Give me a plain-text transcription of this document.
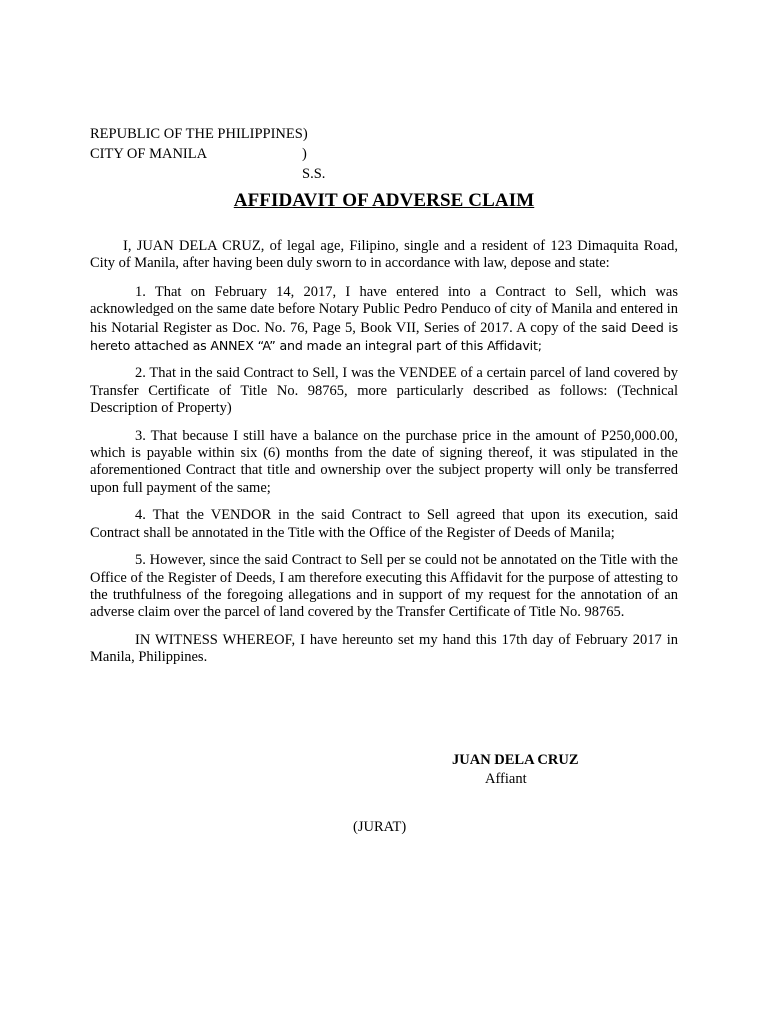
REPUBLIC OF THE PHILIPPINES)
CITY OF MANILA	) S.S.
AFFIDAVIT OF ADVERSE CLAIM

I, JUAN DELA CRUZ, of legal age, Filipino, single and a resident of 123 Dimaquita Road, City of Manila, after having been duly sworn to in accordance with law, depose and state:

1. That on February 14, 2017, I have entered into a Contract to Sell, which was acknowledged on the same date before Notary Public Pedro Penduco of city of Manila and entered in his Notarial Register as Doc. No. 76, Page 5, Book VII, Series of 2017. A copy of the said Deed is hereto attached as ANNEX “A” and made an integral part of this Affidavit;

2. That in the said Contract to Sell, I was the VENDEE of a certain parcel of land covered by Transfer Certificate of Title No. 98765, more particularly described as follows: (Technical Description of Property)

3. That because I still have a balance on the purchase price in the amount of P250,000.00, which is payable within six (6) months from the date of signing thereof, it was stipulated in the aforementioned Contract that title and ownership over the subject property will only be transferred upon full payment of the same;

4. That the VENDOR in the said Contract to Sell agreed that upon its execution, said Contract shall be annotated in the Title with the Office of the Register of Deeds of Manila;

5. However, since the said Contract to Sell per se could not be annotated on the Title with the Office of the Register of Deeds, I am therefore executing this Affidavit for the purpose of attesting to the truthfulness of the foregoing allegations and in support of my request for the annotation of an adverse claim over the parcel of land covered by the Transfer Certificate of Title No. 98765.

IN WITNESS WHEREOF, I have hereunto set my hand this 17th day of February 2017 in Manila, Philippines.

JUAN DELA CRUZ
Affiant
(JURAT)
